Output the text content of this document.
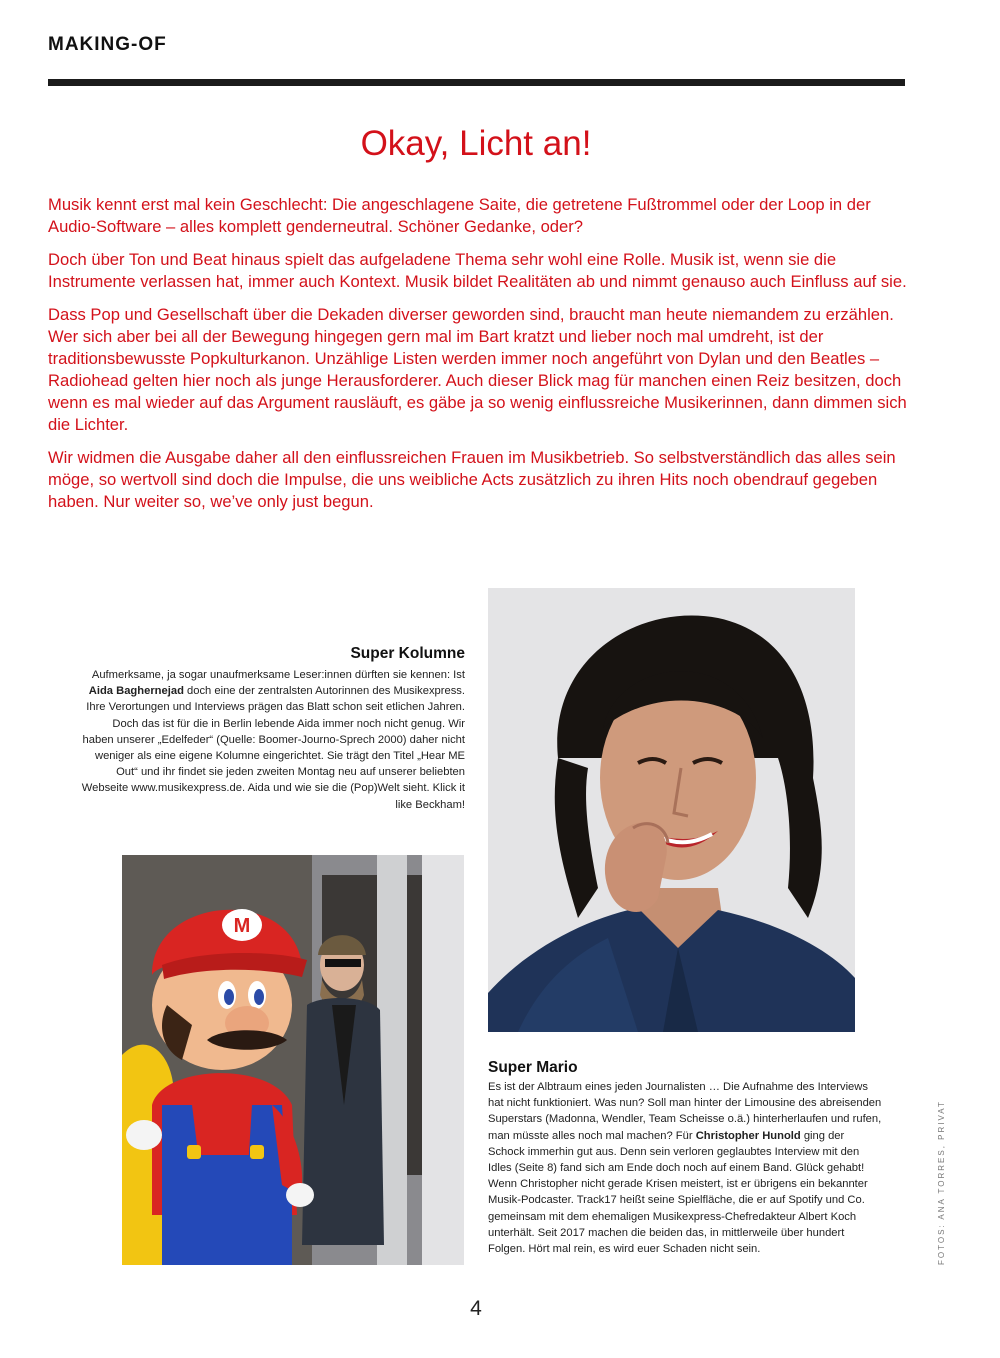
MAKING-OF
Okay, Licht an!

Musik kennt erst mal kein Geschlecht: Die angeschlagene Saite, die getretene Fußtrommel oder der Loop in der Audio-Software – alles komplett genderneutral. Schöner Gedanke, oder?

Doch über Ton und Beat hinaus spielt das aufgeladene Thema sehr wohl eine Rolle. Musik ist, wenn sie die Instrumente verlassen hat, immer auch Kontext. Musik bildet Realitäten ab und nimmt genauso auch Einfluss auf sie.

Dass Pop und Gesellschaft über die Dekaden diverser geworden sind, braucht man heute niemandem zu erzählen. Wer sich aber bei all der Bewegung hingegen gern mal im Bart kratzt und lieber noch mal umdreht, ist der traditionsbewusste Popkulturkanon. Unzählige Listen werden immer noch angeführt von Dylan und den Beatles – Radiohead gelten hier noch als junge Herausforderer. Auch dieser Blick mag für manchen einen Reiz besitzen, doch wenn es mal wieder auf das Argument rausläuft, es gäbe ja so wenig einflussreiche Musikerinnen, dann dimmen sich die Lichter.

Wir widmen die Ausgabe daher all den einflussreichen Frauen im Musikbetrieb. So selbstverständlich das alles sein möge, so wertvoll sind doch die Impulse, die uns weibliche Acts zusätzlich zu ihren Hits noch obendrauf gegeben haben. Nur weiter so, we’ve only just begun.

M
Super Kolumne
Aufmerksame, ja sogar unaufmerksame Leser:innen dürften sie kennen: Ist Aida Baghernejad doch eine der zentralsten Autorinnen des Musikexpress. Ihre Verortungen und Interviews prägen das Blatt schon seit etlichen Jahren. Doch das ist für die in Berlin lebende Aida immer noch nicht genug. Wir haben unserer „Edelfeder“ (Quelle: Boomer-Journo-Sprech 2000) daher nicht weniger als eine eigene Kolumne eingerichtet. Sie trägt den Titel „Hear ME Out“ und ihr findet sie jeden zweiten Montag neu auf unserer beliebten Webseite www.musikexpress.de. Aida und wie sie die (Pop)Welt sieht. Klick it like Beckham!
Super Mario
Es ist der Albtraum eines jeden Journalisten … Die Aufnahme des Interviews hat nicht funktioniert. Was nun? Soll man hinter der Limousine des abreisenden Superstars (Madonna, Wendler, Team Scheisse o.ä.) hinterherlaufen und rufen, man müsste alles noch mal machen? Für Christopher Hunold ging der Schock immerhin gut aus. Denn sein verloren geglaubtes Interview mit den Idles (Seite 8) fand sich am Ende doch noch auf einem Band. Glück gehabt! Wenn Christopher nicht gerade Krisen meistert, ist er übrigens ein bekannter Musik-Podcaster. Track17 heißt seine Spielfläche, die er auf Spotify und Co. gemeinsam mit dem ehemaligen Musikexpress-Chefredakteur Albert Koch unterhält. Seit 2017 machen die beiden das, in mittlerweile über hundert Folgen. Hört mal rein, es wird euer Schaden nicht sein.
4
FOTOS: ANA TORRES, PRIVAT
